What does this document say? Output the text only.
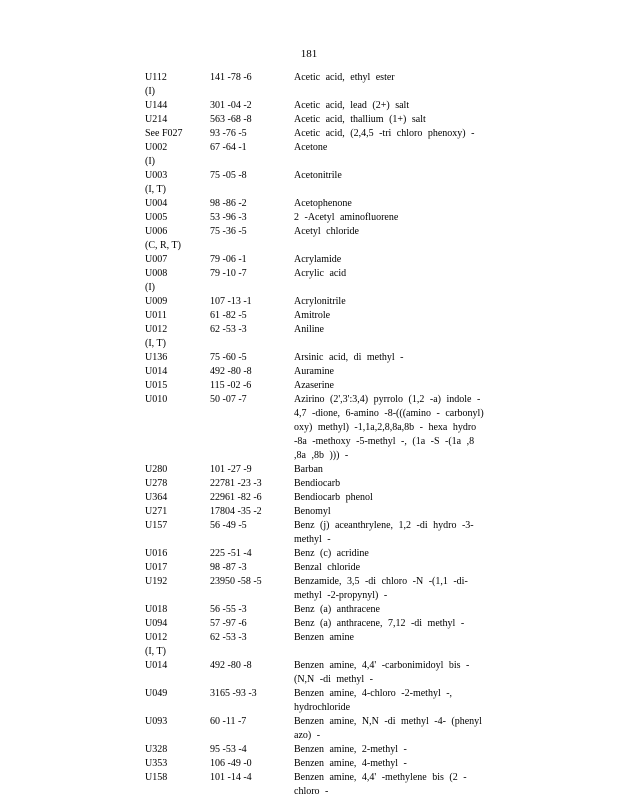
181
U112	141 -78 -6	Acetic acid, ethyl ester
(I)
U144	301 -04 -2	Acetic acid, lead (2+) salt
U214	563 -68 -8	Acetic acid, thallium (1+) salt
See F027	93 -76 -5	Acetic acid, (2,4,5 -tri chloro phenoxy) -
U002	67 -64 -1	Acetone
(I)
U003	75 -05 -8	Acetonitrile
(I, T)
U004	98 -86 -2	Acetophenone
U005	53 -96 -3	2 -Acetyl aminofluorene
U006	75 -36 -5	Acetyl chloride
(C, R, T)
U007	79 -06 -1	Acrylamide
U008	79 -10 -7	Acrylic acid
(I)
U009	107 -13 -1	Acrylonitrile
U011	61 -82 -5	Amitrole
U012	62 -53 -3	Aniline
(I, T)
U136	75 -60 -5	Arsinic acid, di methyl -
U014	492 -80 -8	Auramine
U015	115 -02 -6	Azaserine
U010	50 -07 -7	Azirino (2',3':3,4) pyrrolo (1,2 -a) indole - 4,7 -dione, 6-amino -8-(((amino - carbonyl) oxy) methyl) -1,1a,2,8,8a,8b - hexa hydro -8a -methoxy -5-methyl -, (1a -S -(1a ,8 ,8a ,8b ))) -
U280	101 -27 -9	Barban
U278	22781 -23 -3	Bendiocarb
U364	22961 -82 -6	Bendiocarb phenol
U271	17804 -35 -2	Benomyl
U157	56 -49 -5	Benz (j) aceanthrylene, 1,2 -di hydro -3- methyl -
U016	225 -51 -4	Benz (c) acridine
U017	98 -87 -3	Benzal chloride
U192	23950 -58 -5	Benzamide, 3,5 -di chloro -N -(1,1 -di- methyl -2-propynyl) -
U018	56 -55 -3	Benz (a) anthracene
U094	57 -97 -6	Benz (a) anthracene, 7,12 -di methyl -
U012	62 -53 -3	Benzen amine
(I, T)
U014	492 -80 -8	Benzen amine, 4,4' -carbonimidoyl bis - (N,N -di methyl -
U049	3165 -93 -3	Benzen amine, 4-chloro -2-methyl -, hydrochloride
U093	60 -11 -7	Benzen amine, N,N -di methyl -4- (phenyl azo) -
U328	95 -53 -4	Benzen amine, 2-methyl -
U353	106 -49 -0	Benzen amine, 4-methyl -
U158	101 -14 -4	Benzen amine, 4,4' -methylene bis (2 - chloro -
